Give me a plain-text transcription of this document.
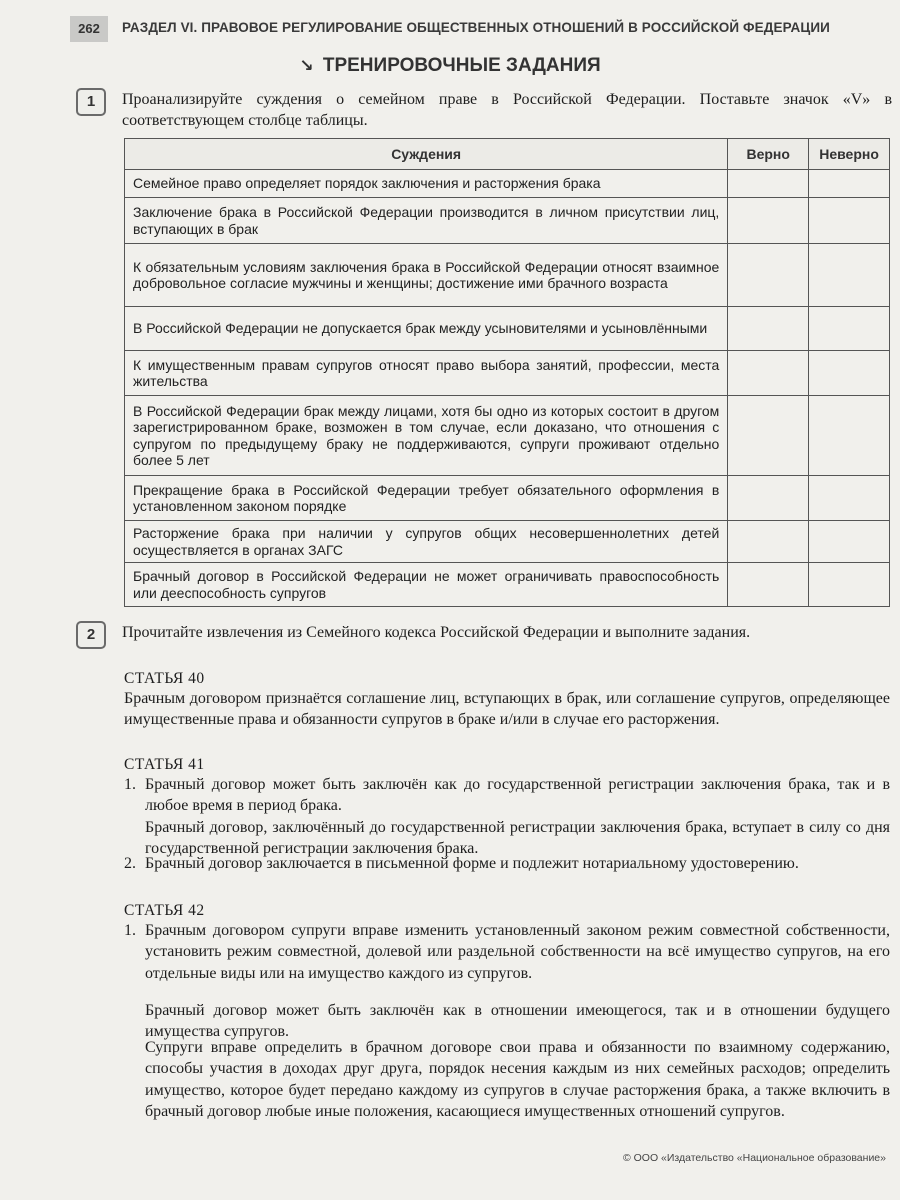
262	РАЗДЕЛ VI. ПРАВОВОЕ РЕГУЛИРОВАНИЕ ОБЩЕСТВЕННЫХ ОТНОШЕНИЙ В РОССИЙСКОЙ ФЕДЕРАЦИИ
↘ ТРЕНИРОВОЧНЫЕ ЗАДАНИЯ
1	Проанализируйте суждения о семейном праве в Российской Федерации. Поставьте значок «V» в соответствующем столбце таблицы.
Суждения	Верно	Неверно
Семейное право определяет порядок заключения и расторжения брака		
Заключение брака в Российской Федерации производится в личном присутствии лиц, вступающих в брак		
К обязательным условиям заключения брака в Российской Федерации относят взаимное добровольное согласие мужчины и женщины; достижение ими брачного возраста		
В Российской Федерации не допускается брак между усыновителями и усыновлёнными		
К имущественным правам супругов относят право выбора занятий, профессии, места жительства		
В Российской Федерации брак между лицами, хотя бы одно из которых состоит в другом зарегистрированном браке, возможен в том случае, если доказано, что отношения с супругом по предыдущему браку не поддерживаются, супруги проживают отдельно более 5 лет		
Прекращение брака в Российской Федерации требует обязательного оформления в установленном законом порядке		
Расторжение брака при наличии у супругов общих несовершеннолетних детей осуществляется в органах ЗАГС		
Брачный договор в Российской Федерации не может ограничивать правоспособность или дееспособность супругов		
2	Прочитайте извлечения из Семейного кодекса Российской Федерации и выполните задания.
СТАТЬЯ 40
Брачным договором признаётся соглашение лиц, вступающих в брак, или соглашение супругов, определяющее имущественные права и обязанности супругов в браке и/или в случае его расторжения.
СТАТЬЯ 41
1. Брачный договор может быть заключён как до государственной регистрации заключения брака, так и в любое время в период брака.
Брачный договор, заключённый до государственной регистрации заключения брака, вступает в силу со дня государственной регистрации заключения брака.
2. Брачный договор заключается в письменной форме и подлежит нотариальному удостоверению.
СТАТЬЯ 42
1. Брачным договором супруги вправе изменить установленный законом режим совместной собственности, установить режим совместной, долевой или раздельной собственности на всё имущество супругов, на его отдельные виды или на имущество каждого из супругов.
Брачный договор может быть заключён как в отношении имеющегося, так и в отношении будущего имущества супругов.
Супруги вправе определить в брачном договоре свои права и обязанности по взаимному содержанию, способы участия в доходах друг друга, порядок несения каждым из них семейных расходов; определить имущество, которое будет передано каждому из супругов в случае расторжения брака, а также включить в брачный договор любые иные положения, касающиеся имущественных отношений супругов.
© ООО «Издательство «Национальное образование»
